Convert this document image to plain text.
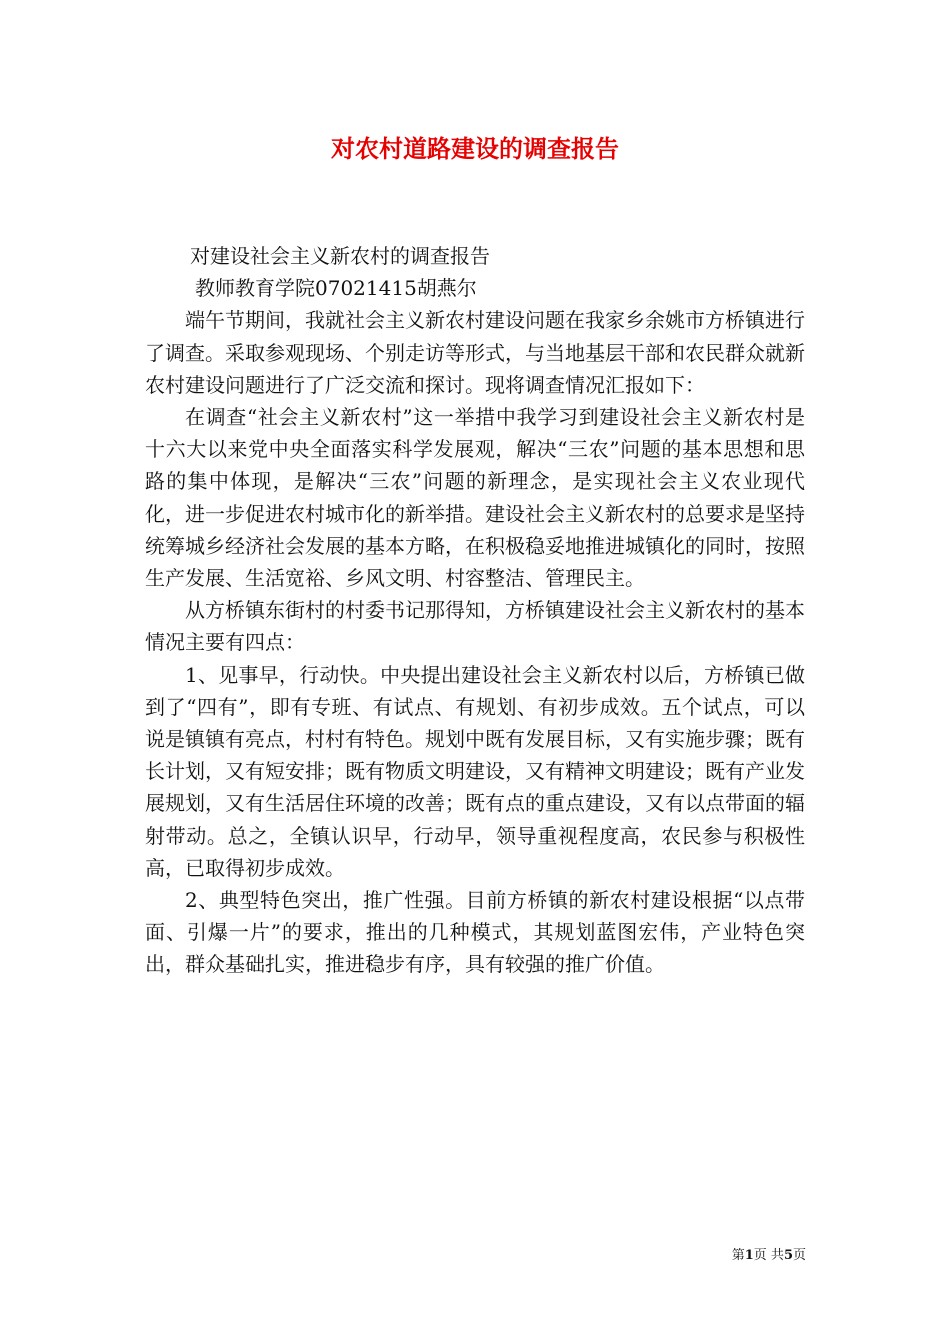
对农村道路建设的调查报告

对建设社会主义新农村的调查报告

教师教育学院07021415胡燕尔

端午节期间，我就社会主义新农村建设问题在我家乡余姚市方桥镇进行了调查。采取参观现场、个别走访等形式，与当地基层干部和农民群众就新农村建设问题进行了广泛交流和探讨。现将调查情况汇报如下：

在调查“社会主义新农村”这一举措中我学习到建设社会主义新农村是十六大以来党中央全面落实科学发展观，解决“三农”问题的基本思想和思路的集中体现，是解决“三农”问题的新理念，是实现社会主义农业现代化，进一步促进农村城市化的新举措。建设社会主义新农村的总要求是坚持统筹城乡经济社会发展的基本方略，在积极稳妥地推进城镇化的同时，按照生产发展、生活宽裕、乡风文明、村容整洁、管理民主。

从方桥镇东街村的村委书记那得知，方桥镇建设社会主义新农村的基本情况主要有四点：

1、见事早，行动快。中央提出建设社会主义新农村以后，方桥镇已做到了“四有”，即有专班、有试点、有规划、有初步成效。五个试点，可以说是镇镇有亮点，村村有特色。规划中既有发展目标，又有实施步骤；既有长计划，又有短安排；既有物质文明建设，又有精神文明建设；既有产业发展规划，又有生活居住环境的改善；既有点的重点建设，又有以点带面的辐射带动。总之，全镇认识早，行动早，领导重视程度高，农民参与积极性高，已取得初步成效。

2、典型特色突出，推广性强。目前方桥镇的新农村建设根据“以点带面、引爆一片”的要求，推出的几种模式，其规划蓝图宏伟，产业特色突出，群众基础扎实，推进稳步有序，具有较强的推广价值。

第1页 共5页
